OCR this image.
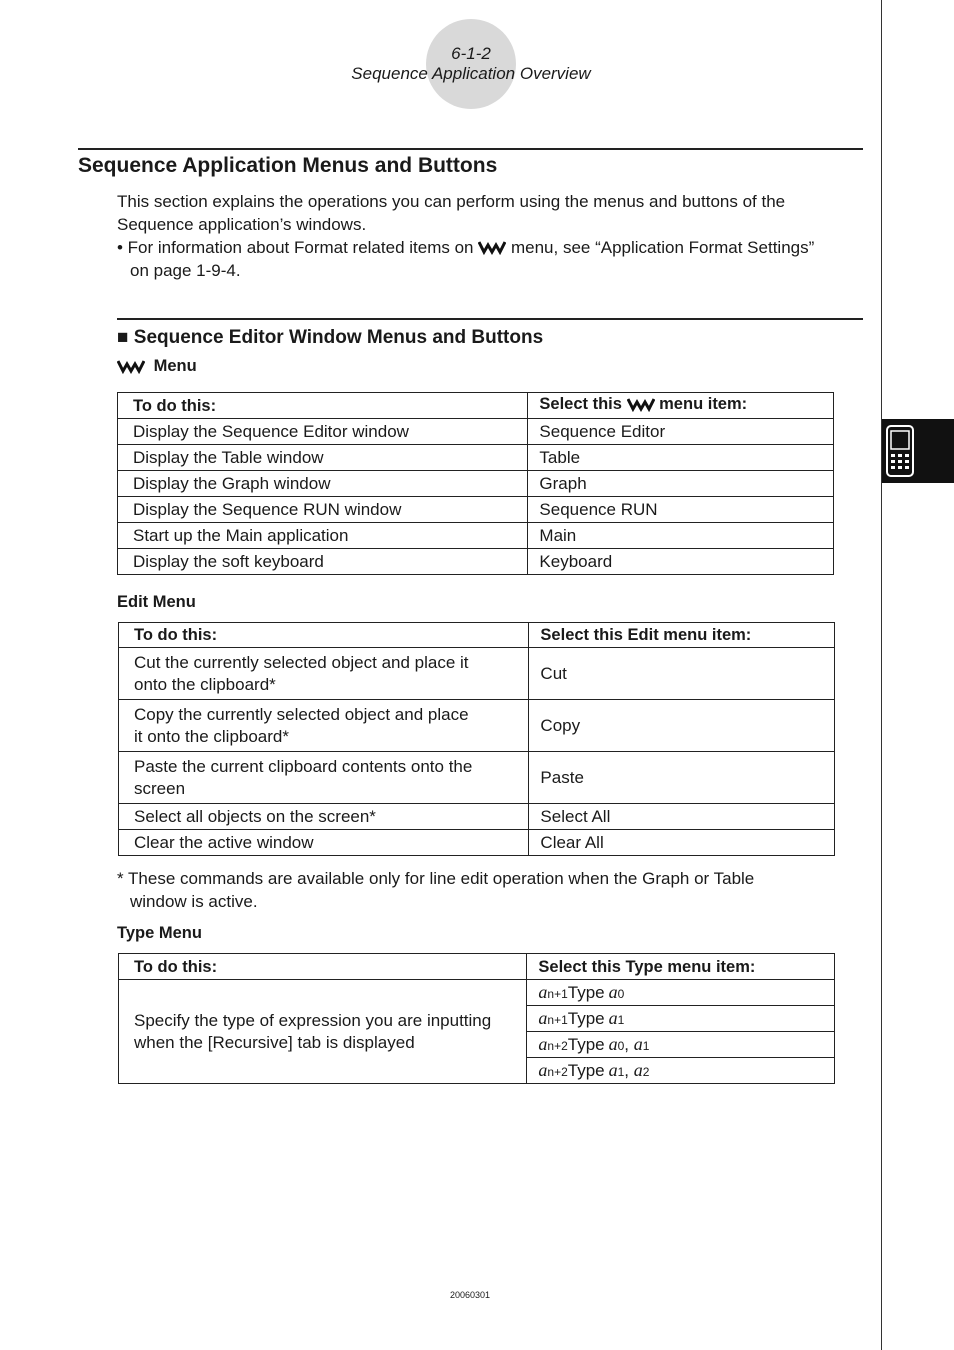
6-1-2
Sequence Application Overview
Sequence Application Menus and Buttons

This section explains the operations you can perform using the menus and buttons of the

Sequence application’s windows.

• For information about Format related items on menu, see “Application Format Settings”

on page 1-9-4.

■ Sequence Editor Window Menus and Buttons
Menu
To do this:	Select this menu item:
Display the Sequence Editor window	Sequence Editor
Display the Table window	Table
Display the Graph window	Graph
Display the Sequence RUN window	Sequence RUN
Start up the Main application	Main
Display the soft keyboard	Keyboard
Edit Menu
To do this:	Select this Edit menu item:

Cut the currently selected object and place it
onto the clipboard*	Cut

Copy the currently selected object and place
it onto the clipboard*	Copy

Paste the current clipboard contents onto the
screen	Paste

Select all objects on the screen*	Select All

Clear the active window	Clear All

* These commands are available only for line edit operation when the Graph or Table

window is active.

Type Menu
To do this:	Select this Type menu item:

Specify the type of expression you are inputting
when the [Recursive] tab is displayed	an+1Type a0
	an+1Type a1
	an+2Type a0, a1
	an+2Type a1, a2
20060301
